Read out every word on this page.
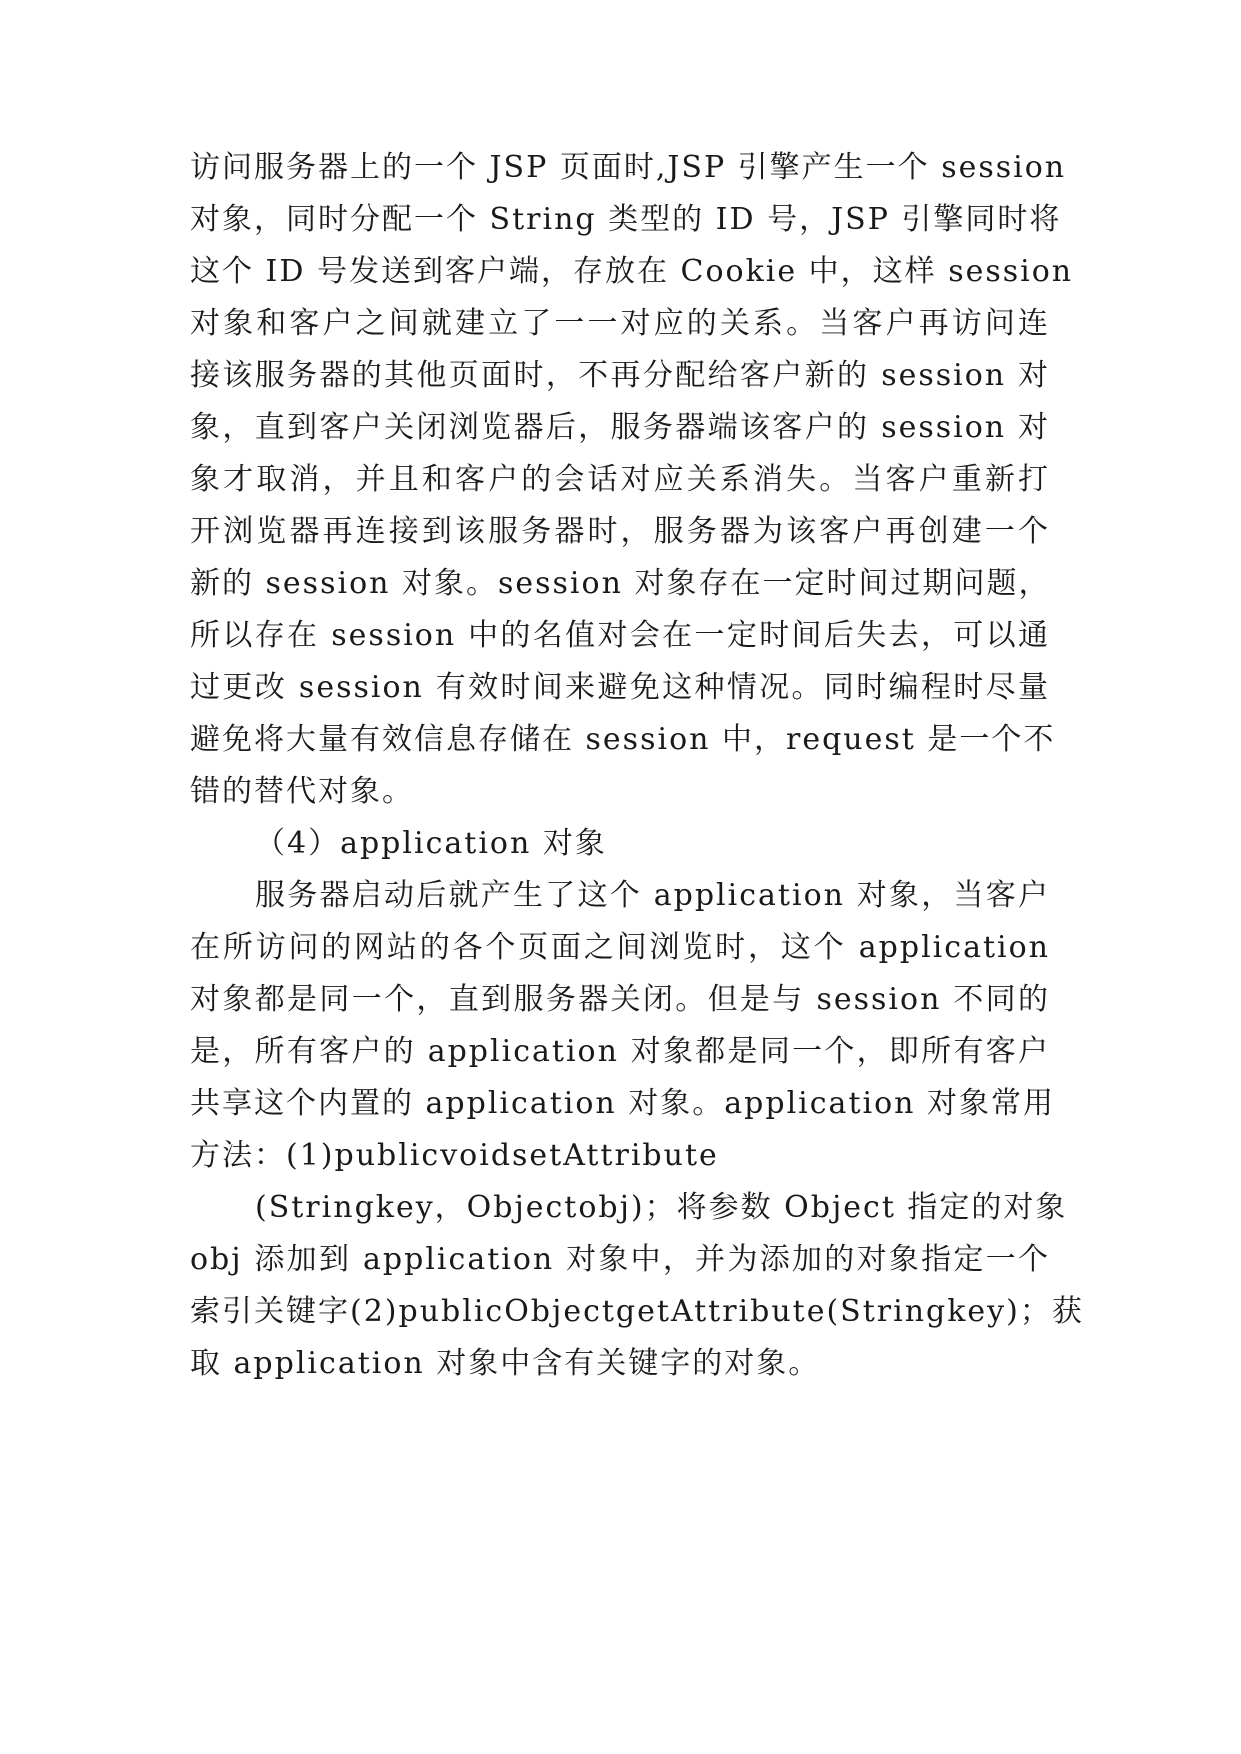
访问服务器上的一个 JSP 页面时,JSP 引擎产生一个 session
对象，同时分配一个 String 类型的 ID 号，JSP 引擎同时将
这个 ID 号发送到客户端，存放在 Cookie 中，这样 session
对象和客户之间就建立了一一对应的关系。当客户再访问连
接该服务器的其他页面时，不再分配给客户新的 session 对
象，直到客户关闭浏览器后，服务器端该客户的 session 对
象才取消，并且和客户的会话对应关系消失。当客户重新打
开浏览器再连接到该服务器时，服务器为该客户再创建一个
新的 session 对象。session 对象存在一定时间过期问题，
所以存在 session 中的名值对会在一定时间后失去，可以通
过更改 session 有效时间来避免这种情况。同时编程时尽量
避免将大量有效信息存储在 session 中，request 是一个不
错的替代对象。
（4）application 对象
服务器启动后就产生了这个 application 对象，当客户
在所访问的网站的各个页面之间浏览时，这个 application
对象都是同一个，直到服务器关闭。但是与 session 不同的
是，所有客户的 application 对象都是同一个，即所有客户
共享这个内置的 application 对象。application 对象常用
方法：(1)publicvoidsetAttribute
(Stringkey，Objectobj)；将参数 Object 指定的对象
obj 添加到 application 对象中，并为添加的对象指定一个
索引关键字(2)publicObjectgetAttribute(Stringkey)；获
取 application 对象中含有关键字的对象。
